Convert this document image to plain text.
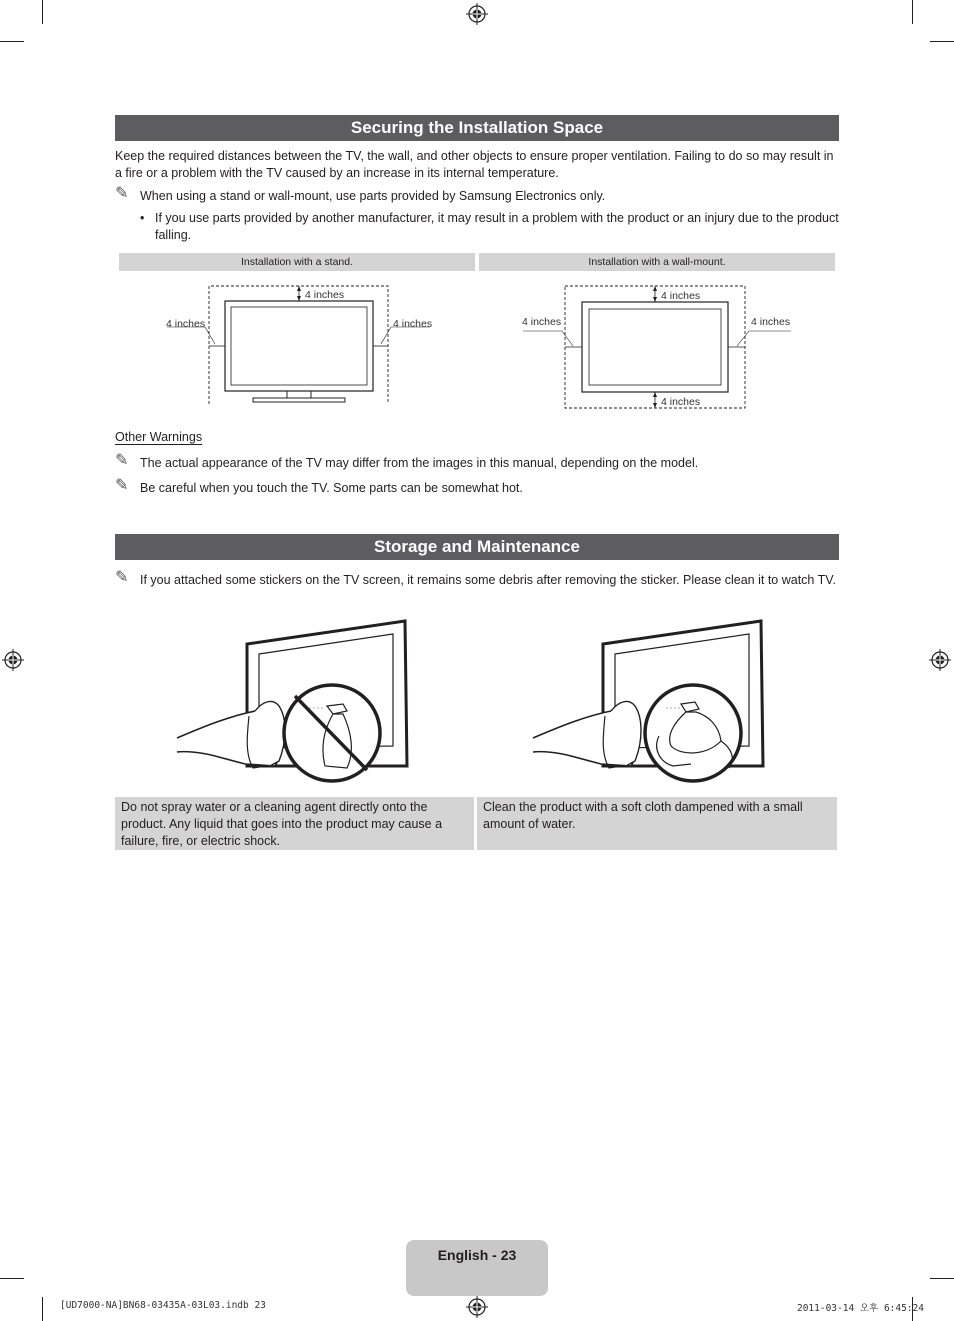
Securing the Installation Space
Keep the required distances between the TV, the wall, and other objects to ensure proper ventilation. Failing to do so may result in a fire or a problem with the TV caused by an increase in its internal temperature.
✎ When using a stand or wall-mount, use parts provided by Samsung Electronics only.
• If you use parts provided by another manufacturer, it may result in a problem with the product or an injury due to the product falling.
Installation with a stand.	Installation with a wall-mount.
4 inches
4 inches	4 inches
4 inches
4 inches
4 inches	4 inches
Other Warnings
✎ The actual appearance of the TV may differ from the images in this manual, depending on the model.
✎ Be careful when you touch the TV. Some parts can be somewhat hot.
Storage and Maintenance
✎ If you attached some stickers on the TV screen, it remains some debris after removing the sticker. Please clean it to watch TV.
Do not spray water or a cleaning agent directly onto the product. Any liquid that goes into the product may cause a failure, fire, or electric shock.
Clean the product with a soft cloth dampened with a small amount of water.
English - 23
[UD7000-NA]BN68-03435A-03L03.indb 23	2011-03-14 오후 6:45:24
